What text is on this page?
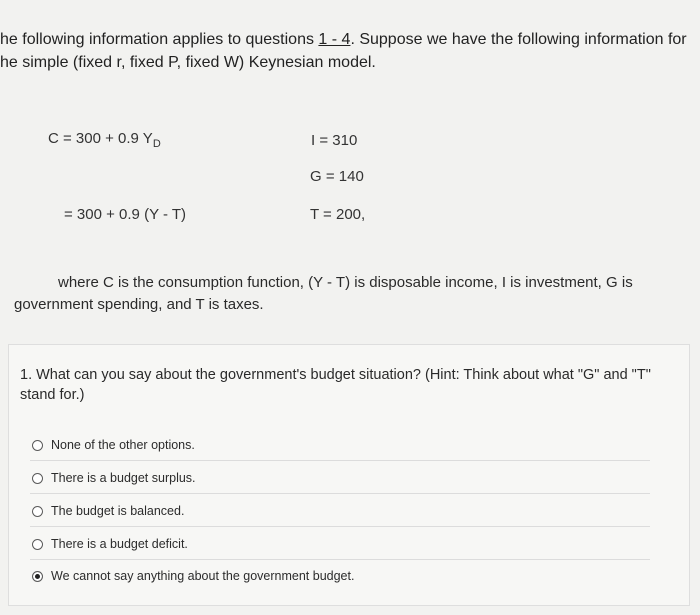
he following information applies to questions 1 - 4. Suppose we have the following information for
he simple (fixed r, fixed P, fixed W) Keynesian model.
C = 300 + 0.9 $Y_D$
= 300 + 0.9 (Y - T)
I = 310
G = 140
T = 200,
where C is the consumption function, (Y - T) is disposable income, I is investment, G is
government spending, and T is taxes.
1. What can you say about the government's budget situation? (Hint: Think about what "G" and "T" stand for.)
None of the other options.
There is a budget surplus.
The budget is balanced.
There is a budget deficit.
We cannot say anything about the government budget.
